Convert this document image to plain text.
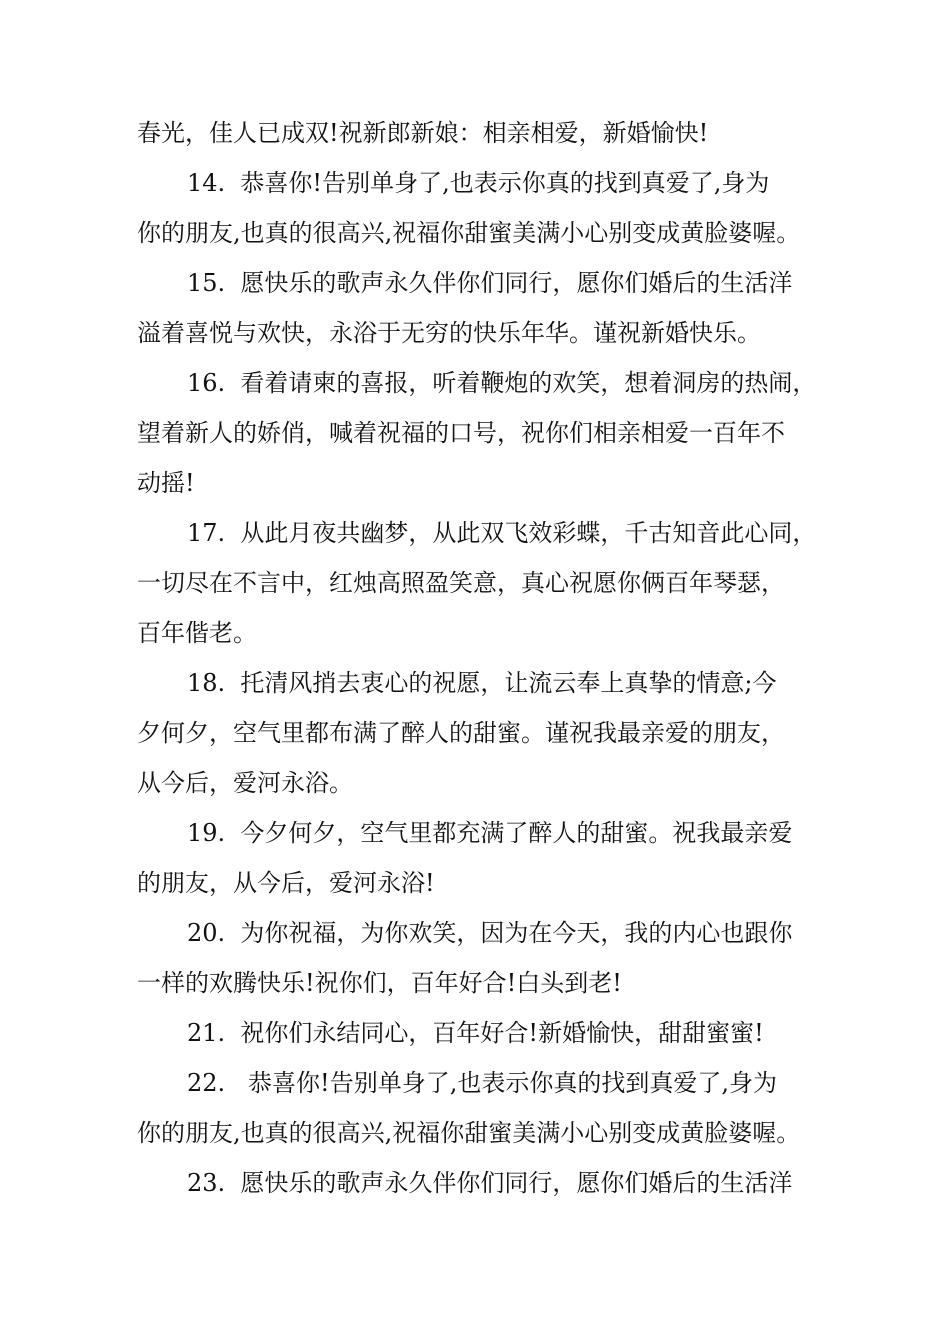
春光，佳人已成双!祝新郎新娘：相亲相爱，新婚愉快!
14.  恭喜你!告别单身了,也表示你真的找到真爱了,身为
你的朋友,也真的很高兴,祝福你甜蜜美满小心别变成黄脸婆喔。
15.  愿快乐的歌声永久伴你们同行，愿你们婚后的生活洋
溢着喜悦与欢快，永浴于无穷的快乐年华。谨祝新婚快乐。
16.  看着请柬的喜报，听着鞭炮的欢笑，想着洞房的热闹，
望着新人的娇俏，喊着祝福的口号，祝你们相亲相爱一百年不
动摇!
17.  从此月夜共幽梦，从此双飞效彩蝶，千古知音此心同，
一切尽在不言中，红烛高照盈笑意，真心祝愿你俩百年琴瑟，
百年偕老。
18.  托清风捎去衷心的祝愿，让流云奉上真挚的情意;今
夕何夕，空气里都布满了醉人的甜蜜。谨祝我最亲爱的朋友，
从今后，爱河永浴。
19.  今夕何夕，空气里都充满了醉人的甜蜜。祝我最亲爱
的朋友，从今后，爱河永浴!
20.  为你祝福，为你欢笑，因为在今天，我的内心也跟你
一样的欢腾快乐!祝你们，百年好合!白头到老!
21.  祝你们永结同心，百年好合!新婚愉快，甜甜蜜蜜!
22.   恭喜你!告别单身了,也表示你真的找到真爱了,身为
你的朋友,也真的很高兴,祝福你甜蜜美满小心别变成黄脸婆喔。
23.  愿快乐的歌声永久伴你们同行，愿你们婚后的生活洋
